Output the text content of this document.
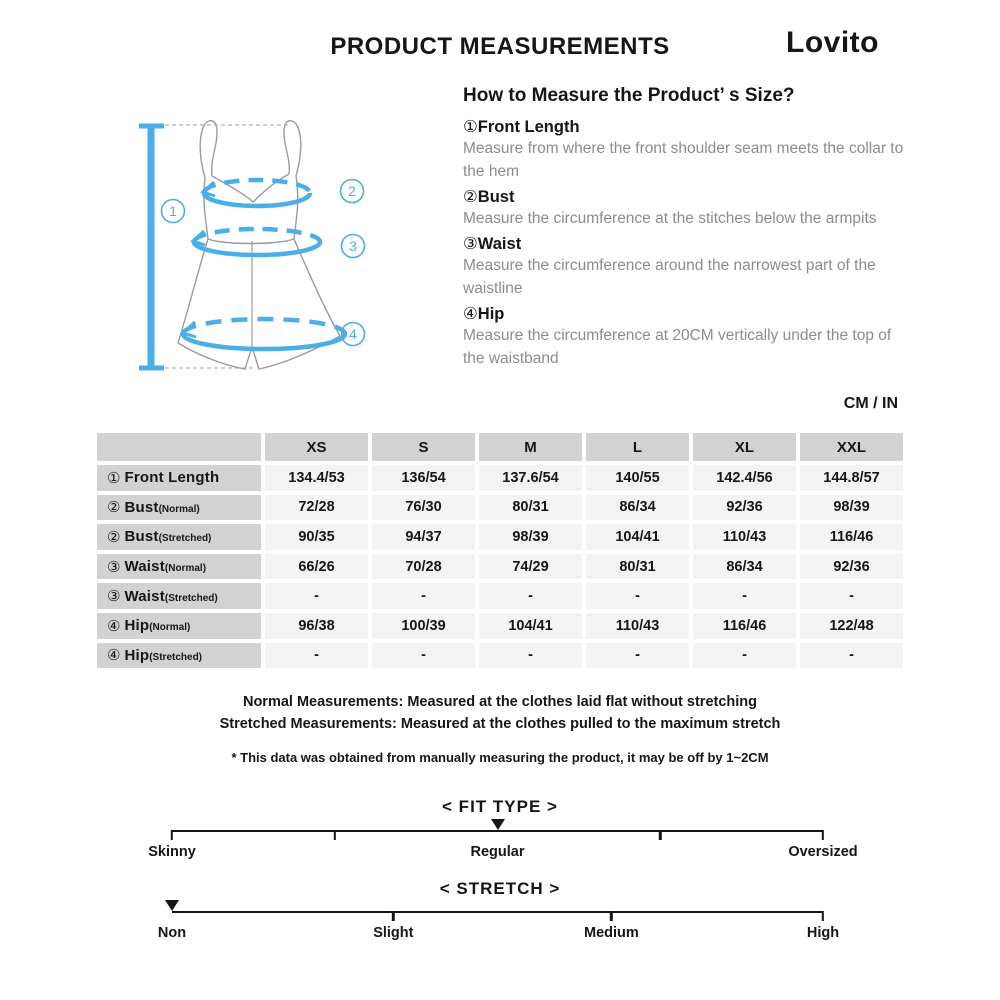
PRODUCT MEASUREMENTS	Lovito
1
2
3
4
How to Measure the Product’ s Size?
①Front Length

Measure from where the front shoulder seam meets the collar to the hem

②Bust

Measure the circumference at the stitches below the armpits

③Waist

Measure the circumference around the narrowest part of the waistline

④Hip

Measure the circumference at 20CM vertically under the top of the waistband

CM / IN
XS	S	M	L	XL	XXL
① Front Length	134.4/53	136/54	137.6/54	140/55	142.4/56	144.8/57
② Bust (Normal)	72/28	76/30	80/31	86/34	92/36	98/39
② Bust (Stretched)	90/35	94/37	98/39	104/41	110/43	116/46
③ Waist (Normal)	66/26	70/28	74/29	80/31	86/34	92/36
③ Waist (Stretched)	-	-	-	-	-	-
④ Hip (Normal)	96/38	100/39	104/41	110/43	116/46	122/48
④ Hip (Stretched)	-	-	-	-	-	-
Normal Measurements: Measured at the clothes laid flat without stretching
Stretched Measurements: Measured at the clothes pulled to the maximum stretch
* This data was obtained from manually measuring the product, it may be off by 1~2CM
< FIT TYPE >
Skinny	Regular	Oversized
< STRETCH >
Non	Slight	Medium	High
